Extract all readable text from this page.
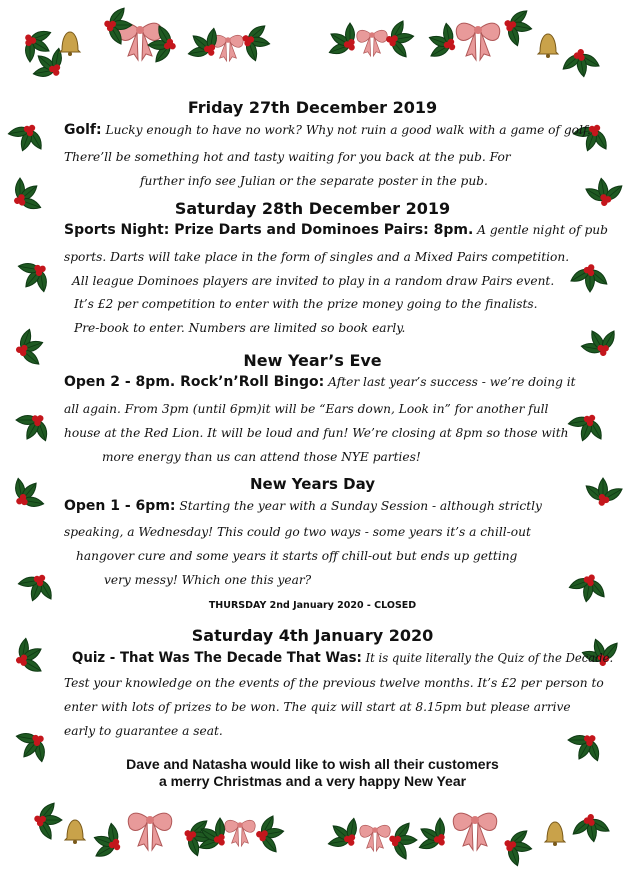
Friday 27th December 2019
Golf: Lucky enough to have no work? Why not ruin a good walk with a game of golf.
There’ll be something hot and tasty waiting for you back at the pub. For
further info see Julian or the separate poster in the pub.
Saturday 28th December 2019
Sports Night: Prize Darts and Dominoes Pairs: 8pm. A gentle night of pub
sports. Darts will take place in the form of singles and a Mixed Pairs competition.
All league Dominoes players are invited to play in a random draw Pairs event.
It’s £2 per competition to enter with the prize money going to the finalists.
Pre-book to enter. Numbers are limited so book early.
New Year’s Eve
Open 2 - 8pm. Rock’n’Roll Bingo: After last year’s success - we’re doing it
all again. From 3pm (until 6pm)it will be “Ears down, Look in” for another full
house at the Red Lion. It will be loud and fun! We’re closing at 8pm so those with
more energy than us can attend those NYE parties!
New Years Day
Open 1 - 6pm: Starting the year with a Sunday Session - although strictly
speaking, a Wednesday! This could go two ways - some years it’s a chill-out
hangover cure and some years it starts off chill-out but ends up getting
very messy! Which one this year?
THURSDAY 2nd January 2020 - CLOSED
Saturday 4th January 2020
Quiz - That Was The Decade That Was: It is quite literally the Quiz of the Decade.
Test your knowledge on the events of the previous twelve months. It’s £2 per person to
enter with lots of prizes to be won. The quiz will start at 8.15pm but please arrive
early to guarantee a seat.
Dave and Natasha would like to wish all their customers
a merry Christmas and a very happy New Year
